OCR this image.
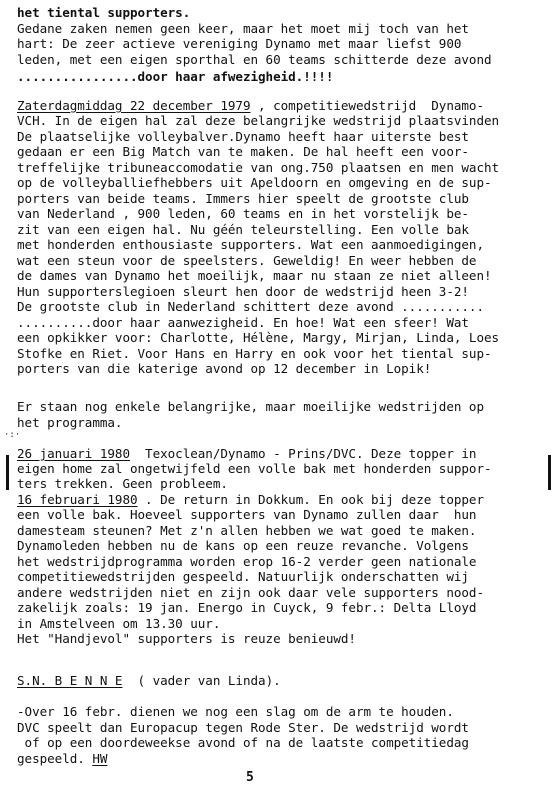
·:·
het tiental supporters.
Gedane zaken nemen geen keer, maar het moet mij toch van het
hart: De zeer actieve vereniging Dynamo met maar liefst 900
leden, met een eigen sporthal en 60 teams schitterde deze avond
................door haar afwezigheid.!!!!
Zaterdagmiddag 22 december 1979 , competitiewedstrijd  Dynamo-
VCH. In de eigen hal zal deze belangrijke wedstrijd plaatsvinden
De plaatselijke volleybalver.Dynamo heeft haar uiterste best
gedaan er een Big Match van te maken. De hal heeft een voor-
treffelijke tribuneaccomodatie van ong.750 plaatsen en men wacht
op de volleyballiefhebbers uit Apeldoorn en omgeving en de sup-
porters van beide teams. Immers hier speelt de grootste club
van Nederland , 900 leden, 60 teams en in het vorstelijk be-
zit van een eigen hal. Nu géén teleurstelling. Een volle bak
met honderden enthousiaste supporters. Wat een aanmoedigingen,
wat een steun voor de speelsters. Geweldig! En weer hebben de
de dames van Dynamo het moeilijk, maar nu staan ze niet alleen!
Hun supporterslegioen sleurt hen door de wedstrijd heen 3-2!
De grootste club in Nederland schittert deze avond ...........
..........door haar aanwezigheid. En hoe! Wat een sfeer! Wat
een opkikker voor: Charlotte, Hélène, Margy, Mirjan, Linda, Loes
Stofke en Riet. Voor Hans en Harry en ook voor het tiental sup-
porters van die katerige avond op 12 december in Lopik!
Er staan nog enkele belangrijke, maar moeilijke wedstrijden op
het programma.
26 januari 1980  Texoclean/Dynamo - Prins/DVC. Deze topper in
eigen home zal ongetwijfeld een volle bak met honderden suppor-
ters trekken. Geen probleem.
16 februari 1980 . De return in Dokkum. En ook bij deze topper
een volle bak. Hoeveel supporters van Dynamo zullen daar  hun
damesteam steunen? Met z'n allen hebben we wat goed te maken.
Dynamoleden hebben nu de kans op een reuze revanche. Volgens
het wedstrijdprogramma worden erop 16-2 verder geen nationale
competitiewedstrijden gespeeld. Natuurlijk onderschatten wij
andere wedstrijden niet en zijn ook daar vele supporters nood-
zakelijk zoals: 19 jan. Energo in Cuyck, 9 febr.: Delta Lloyd
in Amstelveen om 13.30 uur.
Het "Handjevol" supporters is reuze benieuwd!
S.N. B E N N E  ( vader van Linda).
-Over 16 febr. dienen we nog een slag om de arm te houden.
DVC speelt dan Europacup tegen Rode Ster. De wedstrijd wordt
of op een doordeweekse avond of na de laatste competitiedag
gespeeld. HW
5
